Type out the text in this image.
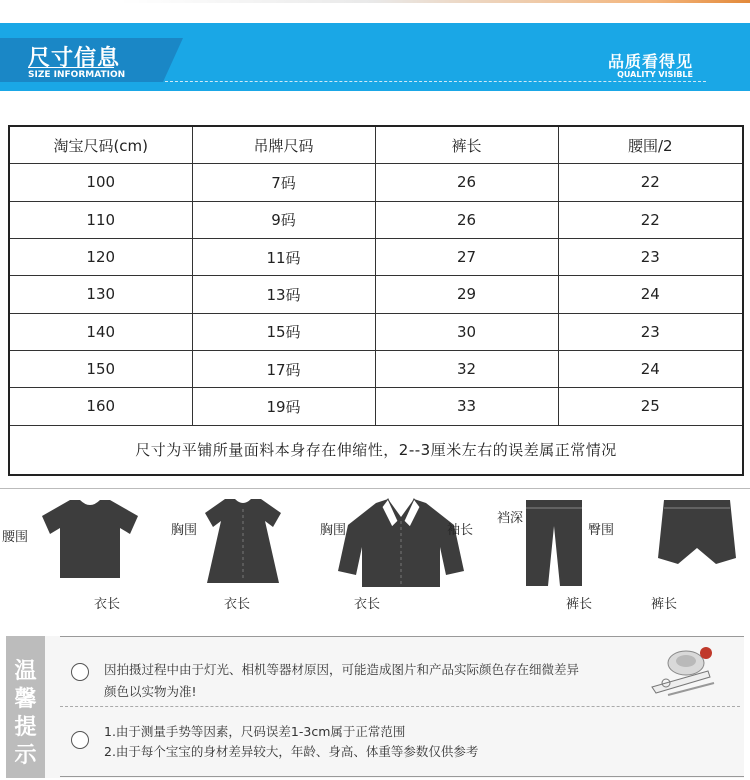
尺寸信息
SIZE INFORMATION
品质看得见
QUALITY VISIBLE
淘宝尺码(cm)	吊牌尺码	裤长	腰围/2
100	7码	26	22
110	9码	26	22
120	11码	27	23
130	13码	29	24
140	15码	30	23
150	17码	32	24
160	19码	33	25
尺寸为平铺所量面料本身存在伸缩性，2--3厘米左右的误差属正常情况			
腰围
衣长
胸围
衣长
胸围	袖长
衣长
裆深
臀围
裤长	裤长
温
馨
提
示
因拍摄过程中由于灯光、相机等器材原因，可能造成图片和产品实际颜色存在细微差异
颜色以实物为准!
1.由于测量手势等因素，尺码误差1-3cm属于正常范围
2.由于每个宝宝的身材差异较大，年龄、身高、体重等参数仅供参考
